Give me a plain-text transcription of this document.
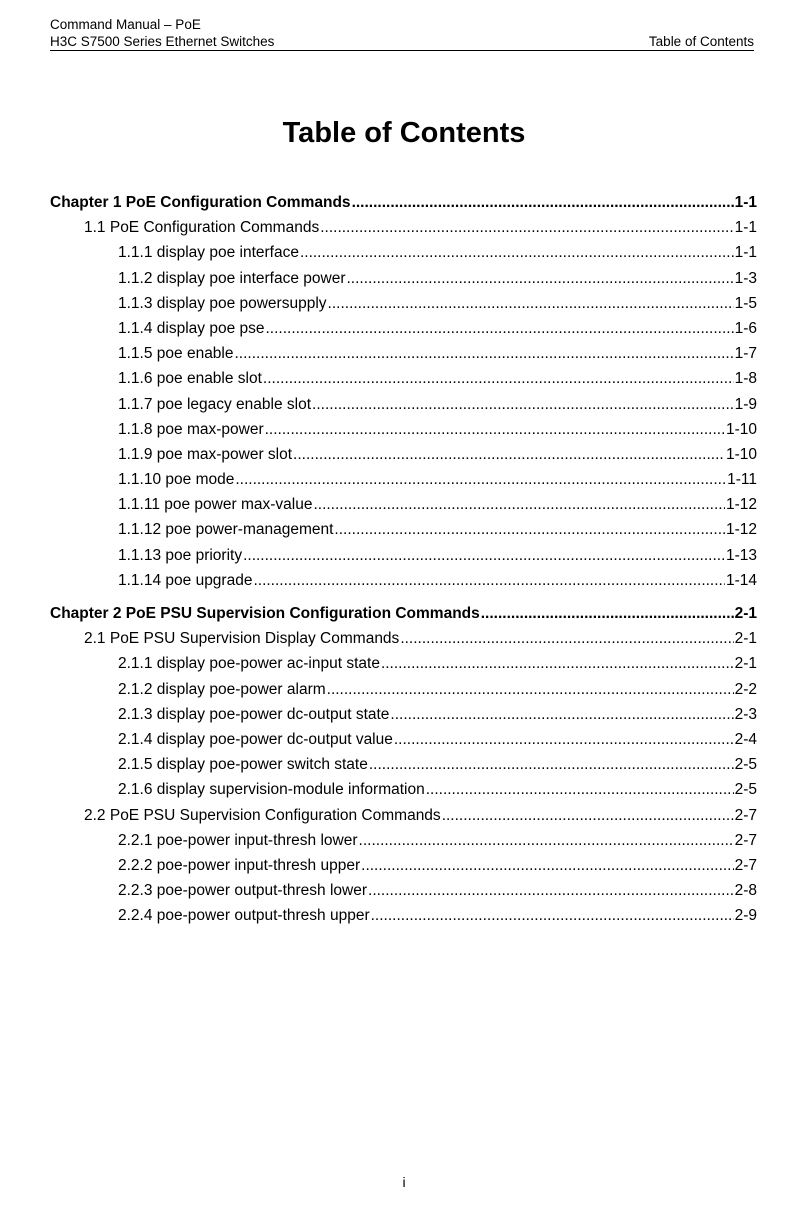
Command Manual – PoE
H3C S7500 Series Ethernet Switches	Table of Contents
Table of Contents
Chapter 1 PoE Configuration Commands .....	1-1
1.1 PoE Configuration Commands .....	1-1
1.1.1 display poe interface .....	1-1
1.1.2 display poe interface power .....	1-3
1.1.3 display poe powersupply .....	1-5
1.1.4 display poe pse .....	1-6
1.1.5 poe enable .....	1-7
1.1.6 poe enable slot .....	1-8
1.1.7 poe legacy enable slot .....	1-9
1.1.8 poe max-power .....	1-10
1.1.9 poe max-power slot .....	1-10
1.1.10 poe mode .....	1-11
1.1.11 poe power max-value .....	1-12
1.1.12 poe power-management .....	1-12
1.1.13 poe priority .....	1-13
1.1.14 poe upgrade .....	1-14
Chapter 2 PoE PSU Supervision Configuration Commands .....	2-1
2.1 PoE PSU Supervision Display Commands .....	2-1
2.1.1 display poe-power ac-input state .....	2-1
2.1.2 display poe-power alarm .....	2-2
2.1.3 display poe-power dc-output state .....	2-3
2.1.4 display poe-power dc-output value .....	2-4
2.1.5 display poe-power switch state .....	2-5
2.1.6 display supervision-module information .....	2-5
2.2 PoE PSU Supervision Configuration Commands .....	2-7
2.2.1 poe-power input-thresh lower .....	2-7
2.2.2 poe-power input-thresh upper .....	2-7
2.2.3 poe-power output-thresh lower .....	2-8
2.2.4 poe-power output-thresh upper .....	2-9
i
